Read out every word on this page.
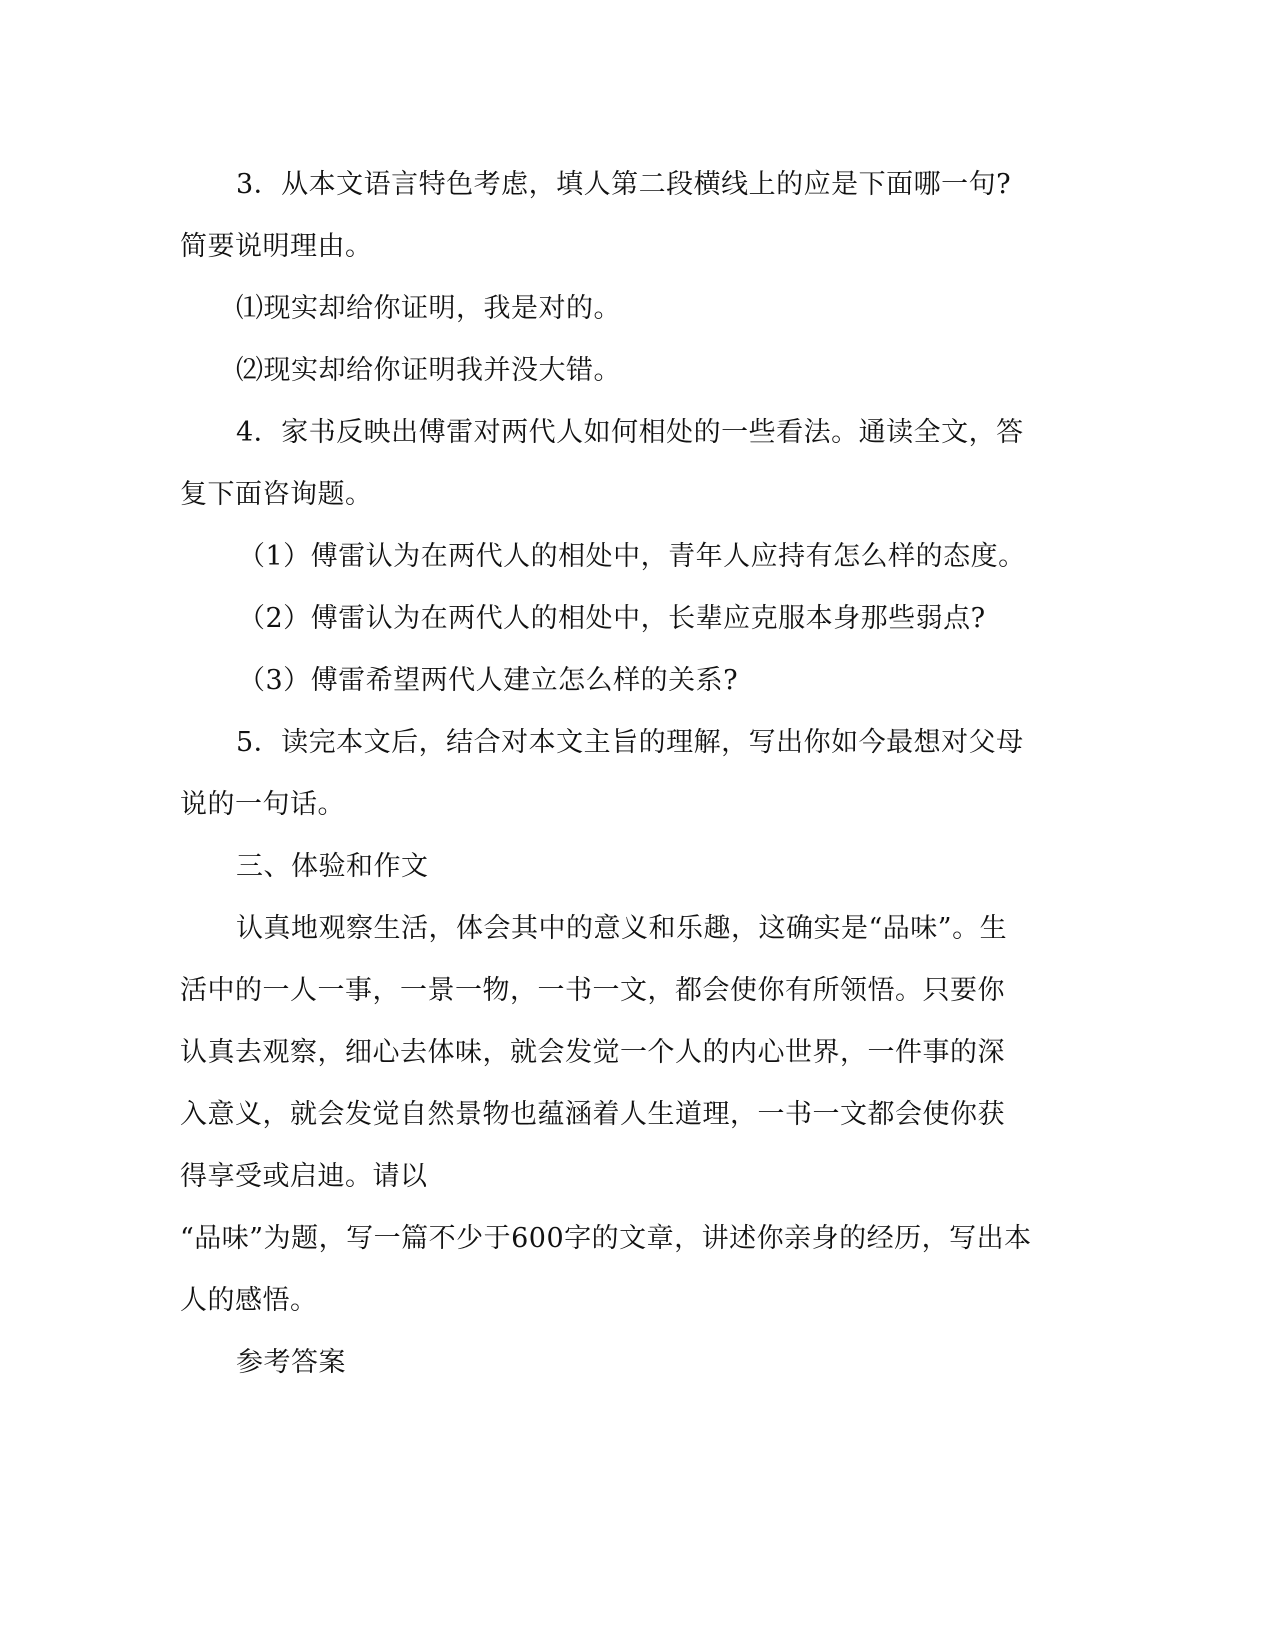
3．从本文语言特色考虑，填人第二段横线上的应是下面哪一句?
简要说明理由。
⑴现实却给你证明，我是对的。
⑵现实却给你证明我并没大错。
4．家书反映出傅雷对两代人如何相处的一些看法。通读全文，答
复下面咨询题。
（1）傅雷认为在两代人的相处中，青年人应持有怎么样的态度。
（2）傅雷认为在两代人的相处中，长辈应克服本身那些弱点?
（3）傅雷希望两代人建立怎么样的关系?
5．读完本文后，结合对本文主旨的理解，写出你如今最想对父母
说的一句话。
三、体验和作文
认真地观察生活，体会其中的意义和乐趣，这确实是“品味”。生
活中的一人一事，一景一物，一书一文，都会使你有所领悟。只要你
认真去观察，细心去体味，就会发觉一个人的内心世界，一件事的深
入意义，就会发觉自然景物也蕴涵着人生道理，一书一文都会使你获
得享受或启迪。请以
“品味”为题，写一篇不少于600字的文章，讲述你亲身的经历，写出本
人的感悟。
参考答案
